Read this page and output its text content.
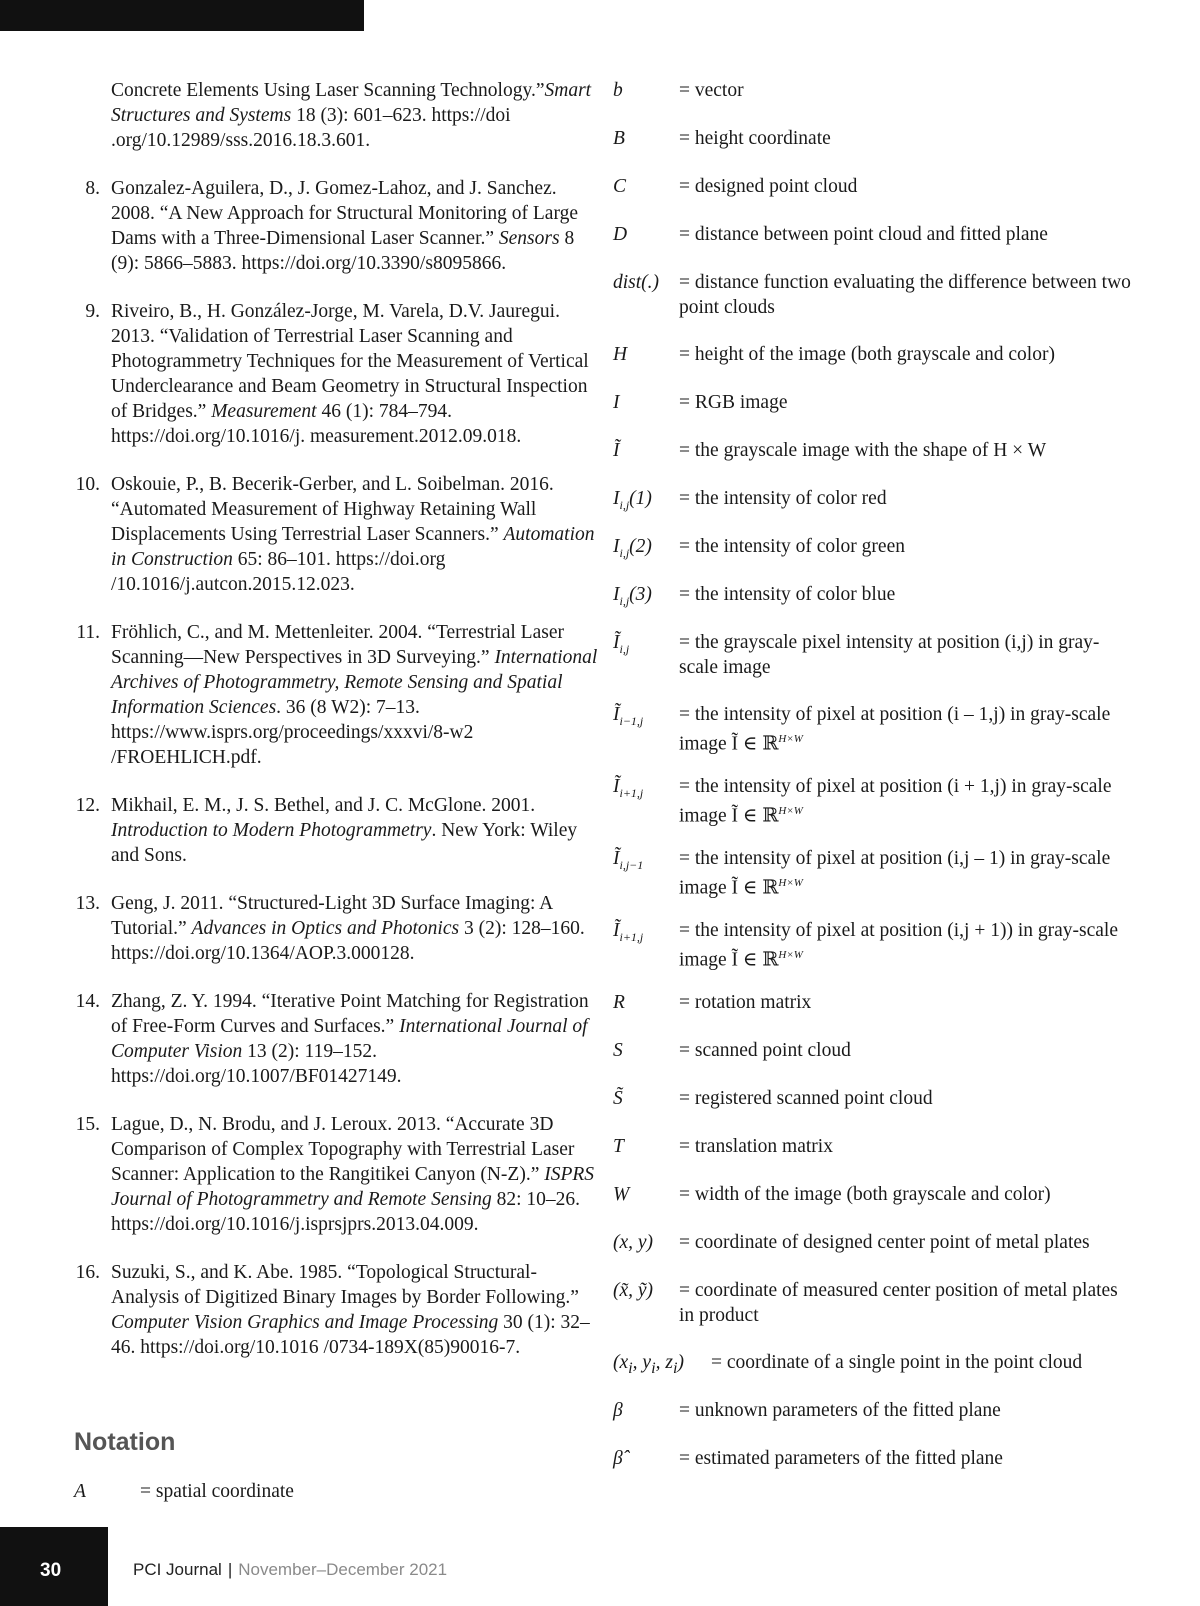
Concrete Elements Using Laser Scanning Technology.”Smart Structures and Systems 18 (3): 601–623. https://doi .org/10.12989/sss.2016.18.3.601.
8. Gonzalez-Aguilera, D., J. Gomez-Lahoz, and J. Sanchez. 2008. “A New Approach for Structural Monitoring of Large Dams with a Three-Dimensional Laser Scanner.” Sensors 8 (9): 5866–5883. https://doi.org/10.3390/s8095866.
9. Riveiro, B., H. González-Jorge, M. Varela, D.V. Jauregui. 2013. “Validation of Terrestrial Laser Scanning and Photogrammetry Techniques for the Measurement of Vertical Underclearance and Beam Geometry in Structural Inspection of Bridges.” Measurement 46 (1): 784–794. https://doi.org/10.1016/j. measurement.2012.09.018.
10. Oskouie, P., B. Becerik-Gerber, and L. Soibelman. 2016. “Automated Measurement of Highway Retaining Wall Displacements Using Terrestrial Laser Scanners.” Automation in Construction 65: 86–101. https://doi.org /10.1016/j.autcon.2015.12.023.
11. Fröhlich, C., and M. Mettenleiter. 2004. “Terrestrial Laser Scanning—New Perspectives in 3D Surveying.” International Archives of Photogrammetry, Remote Sensing and Spatial Information Sciences. 36 (8 W2): 7–13. https://www.isprs.org/proceedings/xxxvi/8-w2 /FROEHLICH.pdf.
12. Mikhail, E. M., J. S. Bethel, and J. C. McGlone. 2001. Introduction to Modern Photogrammetry. New York: Wiley and Sons.
13. Geng, J. 2011. “Structured-Light 3D Surface Imaging: A Tutorial.” Advances in Optics and Photonics 3 (2): 128–160. https://doi.org/10.1364/AOP.3.000128.
14. Zhang, Z. Y. 1994. “Iterative Point Matching for Registration of Free-Form Curves and Surfaces.” International Journal of Computer Vision 13 (2): 119–152. https://doi.org/10.1007/BF01427149.
15. Lague, D., N. Brodu, and J. Leroux. 2013. “Accurate 3D Comparison of Complex Topography with Terrestrial Laser Scanner: Application to the Rangitikei Canyon (N-Z).” ISPRS Journal of Photogrammetry and Remote Sensing 82: 10–26. https://doi.org/10.1016/j.isprsjprs.2013.04.009.
16. Suzuki, S., and K. Abe. 1985. “Topological Structural-Analysis of Digitized Binary Images by Border Following.” Computer Vision Graphics and Image Processing 30 (1): 32–46. https://doi.org/10.1016 /0734-189X(85)90016-7.
Notation
A	= spatial coordinate
b	= vector
B	= height coordinate
C	= designed point cloud
D	= distance between point cloud and fitted plane
dist(.)	= distance function evaluating the difference between two point clouds
H	= height of the image (both grayscale and color)
I	= RGB image
Ĩ	= the grayscale image with the shape of H × W
$I_{i,j}(1)$	= the intensity of color red
$I_{i,j}(2)$	= the intensity of color green
$I_{i,j}(3)$	= the intensity of color blue
$Ĩ_{i,j}$	= the grayscale pixel intensity at position (i,j) in gray-scale image
$Ĩ_{i-1,j}$	= the intensity of pixel at position (i – 1,j) in gray-scale image Ĩ ∈ ℝ$^{H\times W}$
$Ĩ_{i+1,j}$	= the intensity of pixel at position (i + 1,j) in gray-scale image Ĩ ∈ ℝ$^{H\times W}$
$Ĩ_{i,j-1}$	= the intensity of pixel at position (i,j – 1) in gray-scale image Ĩ ∈ ℝ$^{H\times W}$
$Ĩ_{i+1,j}$	= the intensity of pixel at position (i,j + 1)) in gray-scale image Ĩ ∈ ℝ$^{H\times W}$
R	= rotation matrix
S	= scanned point cloud
S̃	= registered scanned point cloud
T	= translation matrix
W	= width of the image (both grayscale and color)
(x, y)	= coordinate of designed center point of metal plates
(x̃, ỹ)	= coordinate of measured center position of metal plates in product
($x_i$, $y_i$, $z_i$)	= coordinate of a single point in the point cloud
β	= unknown parameters of the fitted plane
β̂	= estimated parameters of the fitted plane
30	PCI Journal | November–December 2021
